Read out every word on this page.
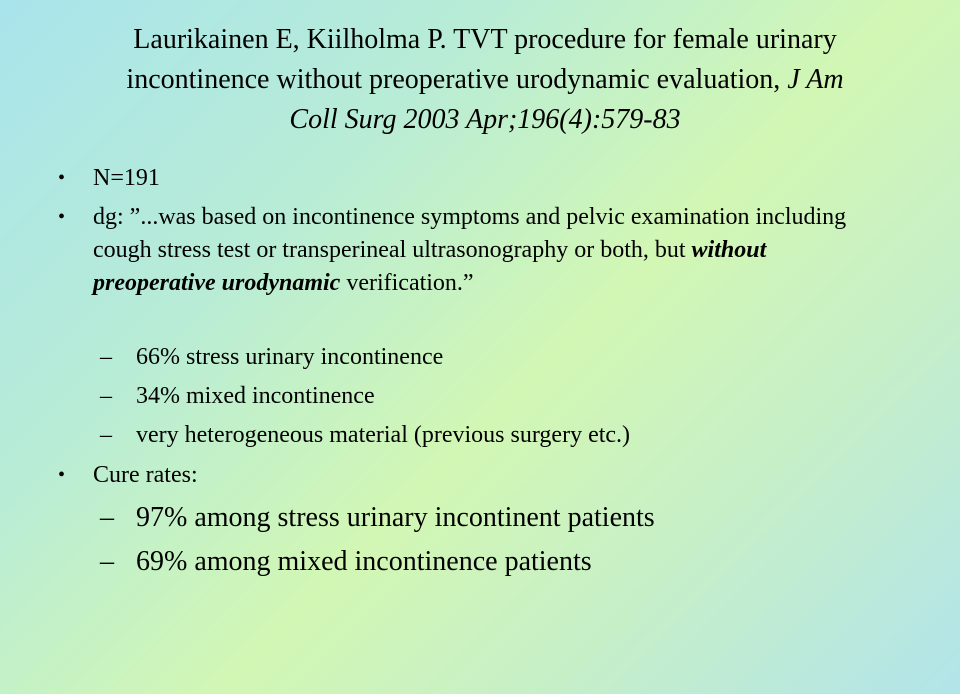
Laurikainen E, Kiilholma P. TVT procedure for female urinary
incontinence without preoperative urodynamic evaluation, J Am
Coll Surg 2003 Apr;196(4):579-83
•	N=191
•	dg: ”...was based on incontinence symptoms and pelvic examination including cough stress test or transperineal ultrasonography or both, but without preoperative urodynamic verification.”
–	66% stress urinary incontinence
–	34% mixed incontinence
–	very heterogeneous material (previous surgery etc.)
•	Cure rates:
– 97% among stress urinary incontinent patients
– 69% among mixed incontinence patients
